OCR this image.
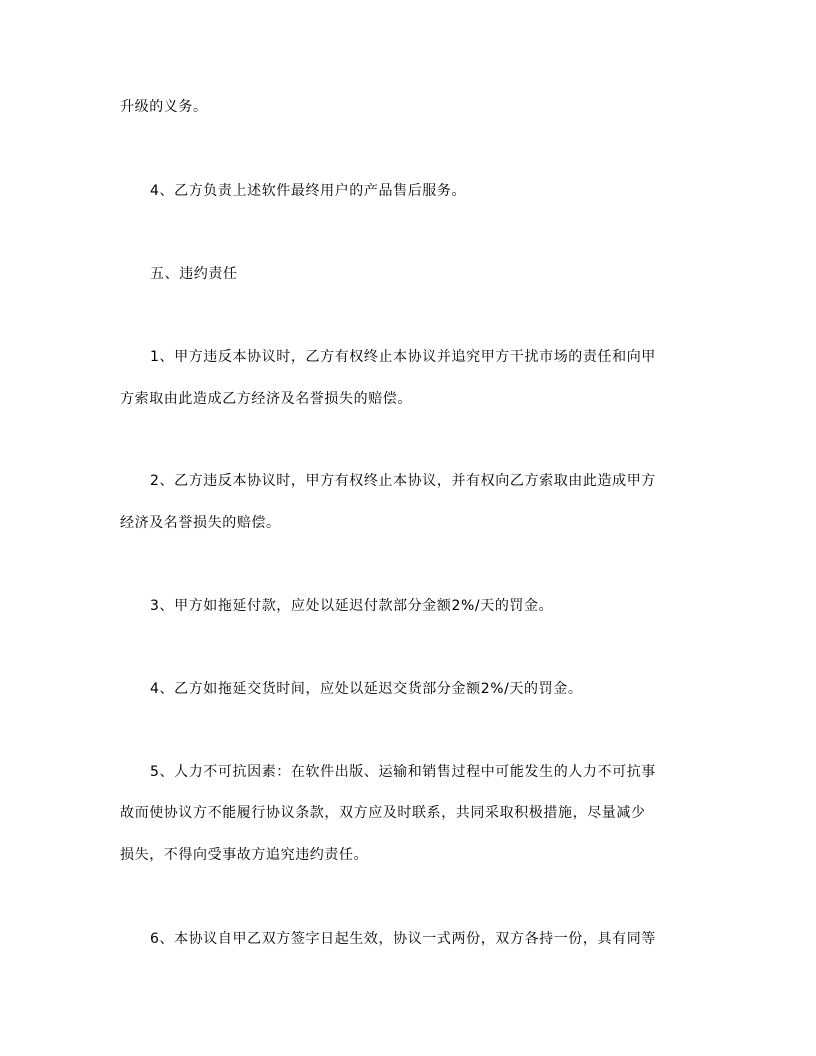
升级的义务。
4、乙方负责上述软件最终用户的产品售后服务。
五、违约责任
1、甲方违反本协议时，乙方有权终止本协议并追究甲方干扰市场的责任和向甲
方索取由此造成乙方经济及名誉损失的赔偿。
2、乙方违反本协议时，甲方有权终止本协议，并有权向乙方索取由此造成甲方
经济及名誉损失的赔偿。
3、甲方如拖延付款，应处以延迟付款部分金额2%/天的罚金。
4、乙方如拖延交货时间，应处以延迟交货部分金额2%/天的罚金。
5、人力不可抗因素：在软件出版、运输和销售过程中可能发生的人力不可抗事
故而使协议方不能履行协议条款，双方应及时联系，共同采取积极措施，尽量减少
损失，不得向受事故方追究违约责任。
6、本协议自甲乙双方签字日起生效，协议一式两份，双方各持一份，具有同等
